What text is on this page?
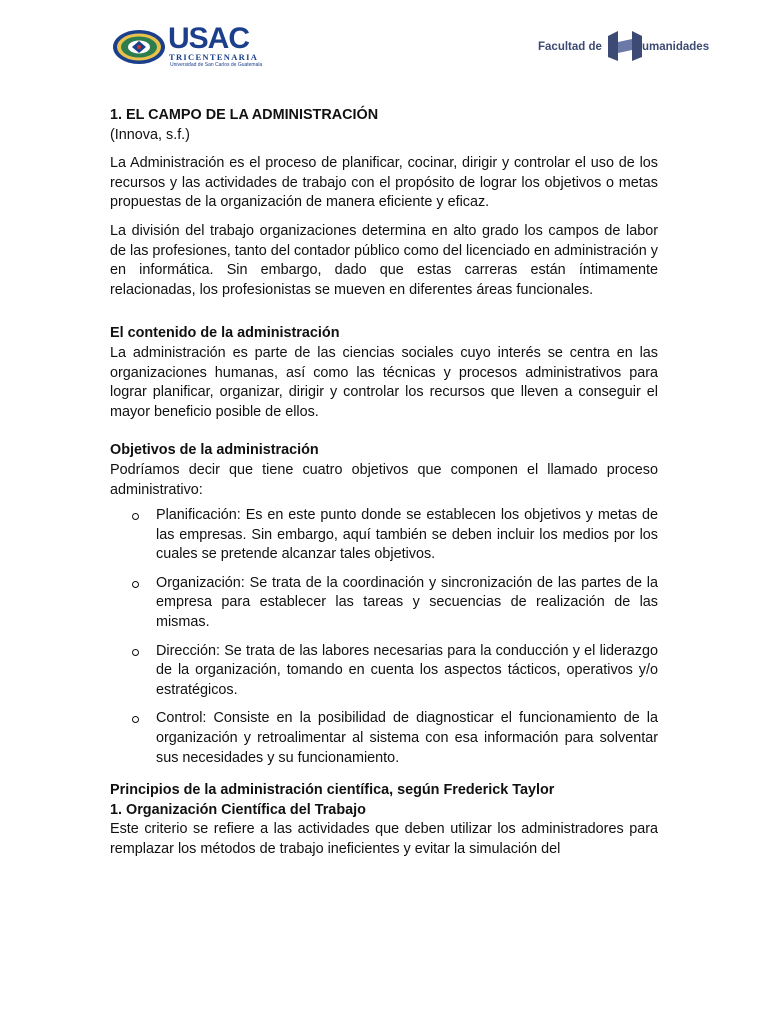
USAC
TRICENTENARIA
Universidad de San Carlos de Guatemala
Facultad de	umanidades

1. EL CAMPO DE LA ADMINISTRACIÓN

(Innova, s.f.)

La Administración es el proceso de planificar, cocinar, dirigir y controlar el uso de los recursos y las actividades de trabajo con el propósito de lograr los objetivos o metas propuestas de la organización de manera eficiente y eficaz.

La división del trabajo organizaciones determina en alto grado los campos de labor de las profesiones, tanto del contador público como del licenciado en administración y en informática. Sin embargo, dado que estas carreras están íntimamente relacionadas, los profesionistas se mueven en diferentes áreas funcionales.

El contenido de la administración

La administración es parte de las ciencias sociales cuyo interés se centra en las organizaciones humanas, así como las técnicas y procesos administrativos para lograr planificar, organizar, dirigir y controlar los recursos que lleven a conseguir el mayor beneficio posible de ellos.

Objetivos de la administración

Podríamos decir que tiene cuatro objetivos que componen el llamado proceso administrativo:

Planificación: Es en este punto donde se establecen los objetivos y metas de las empresas. Sin embargo, aquí también se deben incluir los medios por los cuales se pretende alcanzar tales objetivos.
Organización: Se trata de la coordinación y sincronización de las partes de la empresa para establecer las tareas y secuencias de realización de las mismas.
Dirección: Se trata de las labores necesarias para la conducción y el liderazgo de la organización, tomando en cuenta los aspectos tácticos, operativos y/o estratégicos.
Control: Consiste en la posibilidad de diagnosticar el funcionamiento de la organización y retroalimentar al sistema con esa información para solventar sus necesidades y su funcionamiento.

Principios de la administración científica, según Frederick Taylor

1. Organización Científica del Trabajo

Este criterio se refiere a las actividades que deben utilizar los administradores para remplazar los métodos de trabajo ineficientes y evitar la simulación del
